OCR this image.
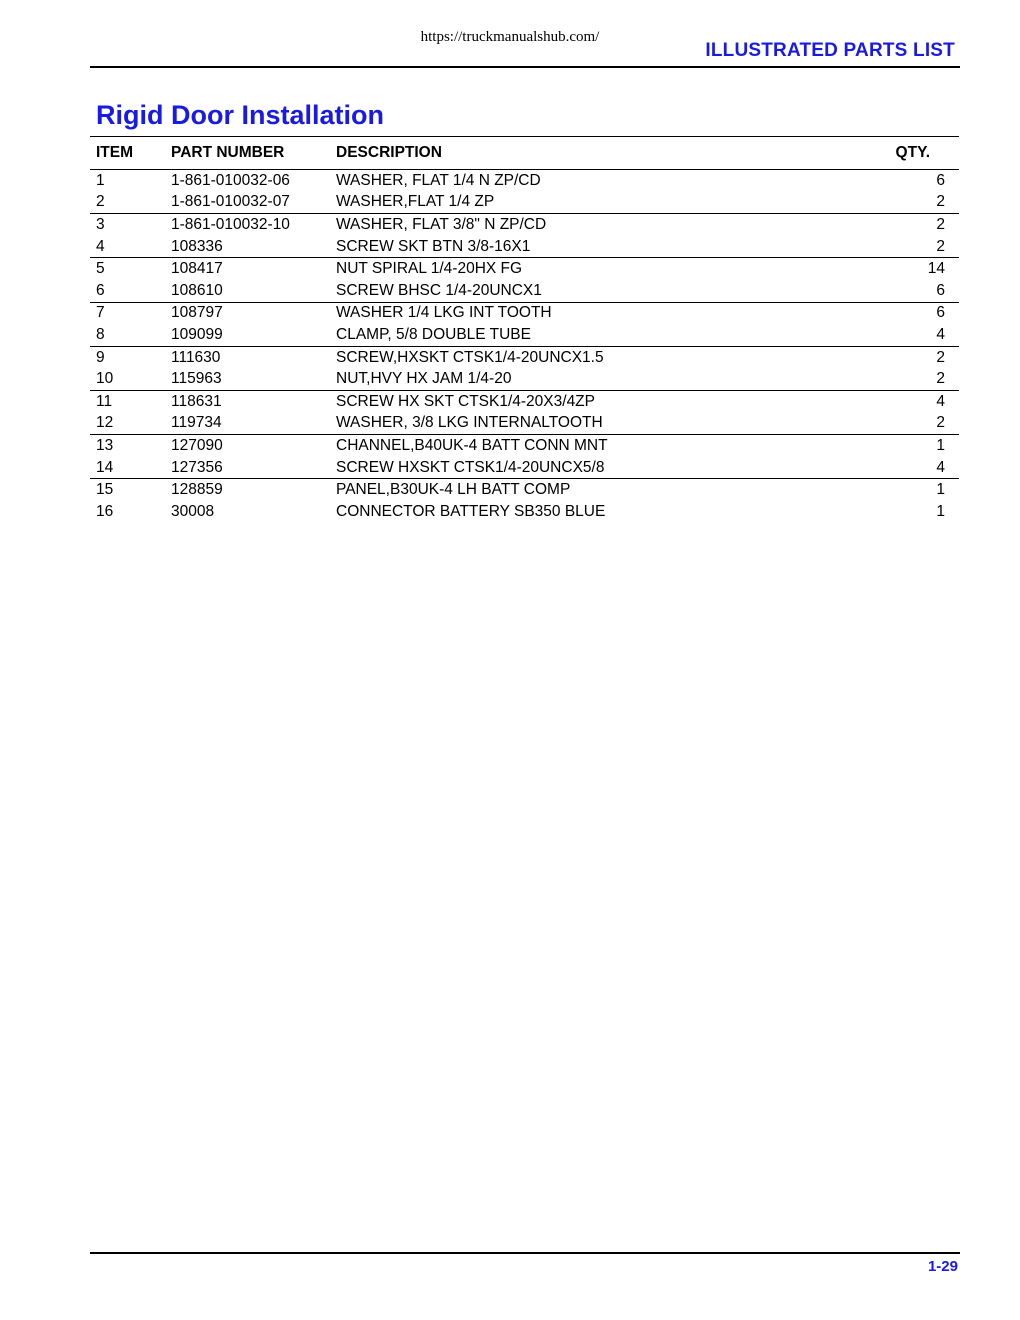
https://truckmanualshub.com/
ILLUSTRATED PARTS LIST
Rigid Door Installation
ITEM	PART NUMBER	DESCRIPTION	QTY.
1	1-861-010032-06	WASHER, FLAT 1/4 N ZP/CD	6
2	1-861-010032-07	WASHER,FLAT 1/4 ZP	2
3	1-861-010032-10	WASHER, FLAT 3/8" N ZP/CD	2
4	108336	SCREW SKT BTN 3/8-16X1	2
5	108417	NUT SPIRAL 1/4-20HX FG	14
6	108610	SCREW BHSC 1/4-20UNCX1	6
7	108797	WASHER 1/4 LKG INT TOOTH	6
8	109099	CLAMP, 5/8 DOUBLE TUBE	4
9	111630	SCREW,HXSKT CTSK1/4-20UNCX1.5	2
10	115963	NUT,HVY HX JAM 1/4-20	2
11	118631	SCREW HX SKT CTSK1/4-20X3/4ZP	4
12	119734	WASHER, 3/8 LKG INTERNALTOOTH	2
13	127090	CHANNEL,B40UK-4 BATT CONN MNT	1
14	127356	SCREW HXSKT CTSK1/4-20UNCX5/8	4
15	128859	PANEL,B30UK-4 LH BATT COMP	1
16	30008	CONNECTOR BATTERY SB350 BLUE	1
1-29
